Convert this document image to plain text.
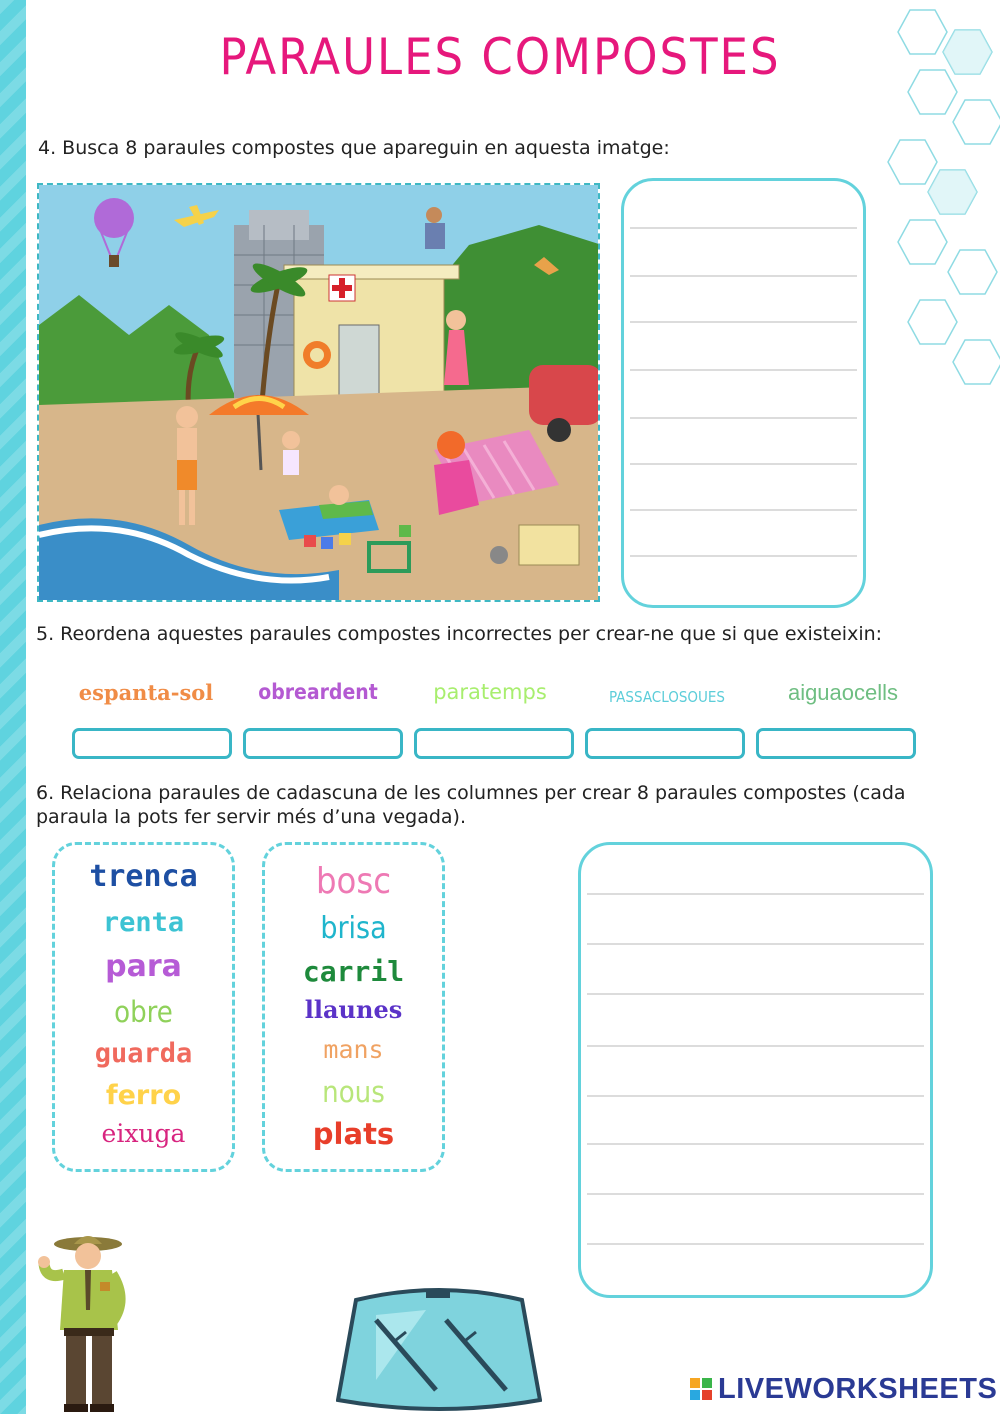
PARAULES COMPOSTES

4. Busca 8 paraules compostes que apareguin en aquesta imatge:

5. Reordena aquestes paraules compostes incorrectes per crear-ne que si que existeixin:

espanta-sol	obreardent	paratemps	PASSACLOSOUES	aiguaocells

6. Relaciona paraules de cadascuna de les columnes per crear 8 paraules compostes (cada paraula la pots fer servir més d’una vegada).

trenca
renta
para
obre
guarda
ferro
eixuga
bosc
brisa
carril
llaunes
mans
nous
plats
LIVEWORKSHEETS
